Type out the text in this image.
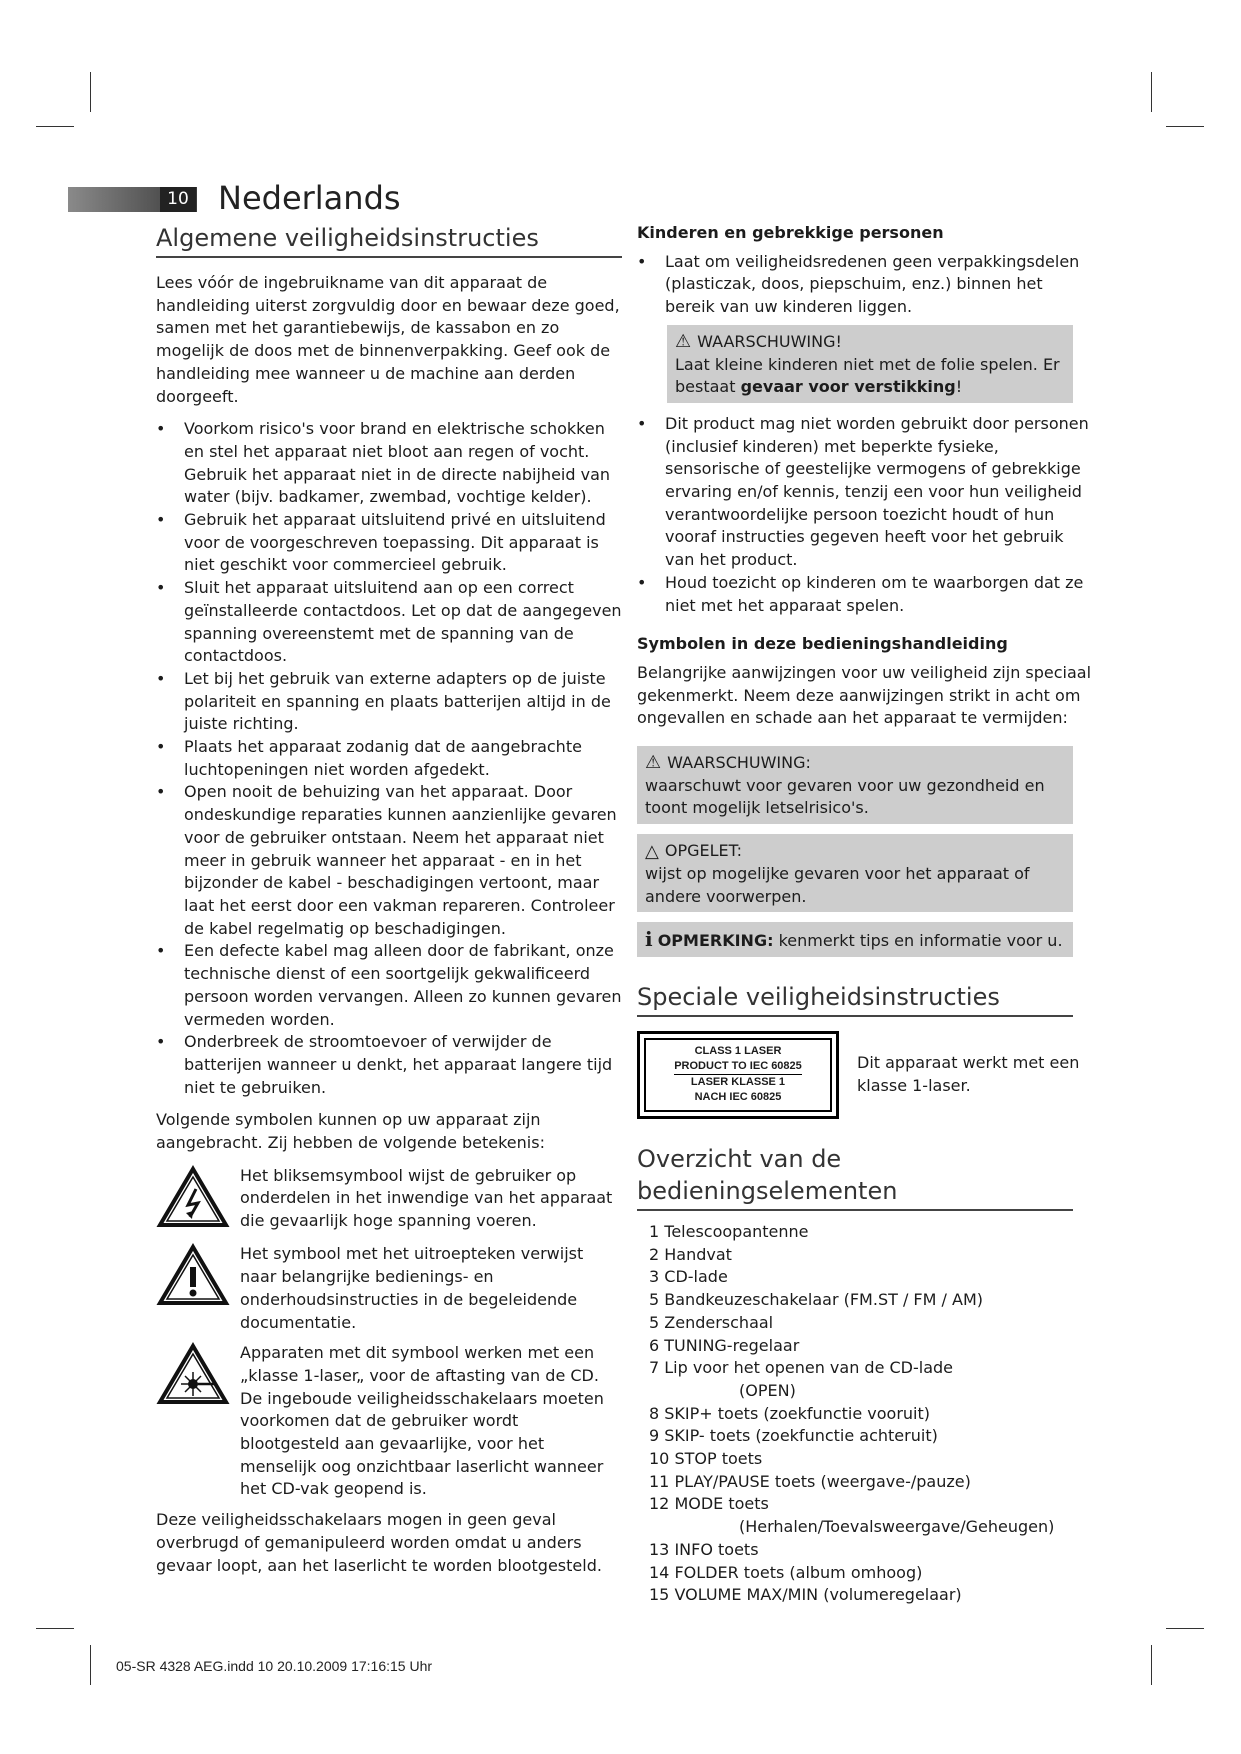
10 Nederlands
Algemene veiligheidsinstructies

Lees vóór de ingebruikname van dit apparaat de handleiding uiterst zorgvuldig door en bewaar deze goed, samen met het garantiebewijs, de kassabon en zo mogelijk de doos met de binnenverpakking. Geef ook de handleiding mee wanneer u de machine aan derden doorgeeft.

• Voorkom risico's voor brand en elektrische schokken en stel het apparaat niet bloot aan regen of vocht. Gebruik het apparaat niet in de directe nabijheid van water (bijv. badkamer, zwembad, vochtige kelder).
• Gebruik het apparaat uitsluitend privé en uitsluitend voor de voorgeschreven toepassing. Dit apparaat is niet geschikt voor commercieel gebruik.
• Sluit het apparaat uitsluitend aan op een correct geïnstalleerde contactdoos. Let op dat de aangegeven spanning overeenstemt met de spanning van de contactdoos.
• Let bij het gebruik van externe adapters op de juiste polariteit en spanning en plaats batterijen altijd in de juiste richting.
• Plaats het apparaat zodanig dat de aangebrachte luchtopeningen niet worden afgedekt.
• Open nooit de behuizing van het apparaat. Door ondeskundige reparaties kunnen aanzienlijke gevaren voor de gebruiker ontstaan. Neem het apparaat niet meer in gebruik wanneer het apparaat - en in het bijzonder de kabel - beschadigingen vertoont, maar laat het eerst door een vakman repareren. Controleer de kabel regelmatig op beschadigingen.
• Een defecte kabel mag alleen door de fabrikant, onze technische dienst of een soortgelijk gekwalificeerd persoon worden vervangen. Alleen zo kunnen gevaren vermeden worden.
• Onderbreek de stroomtoevoer of verwijder de batterijen wanneer u denkt, het apparaat langere tijd niet te gebruiken.

Volgende symbolen kunnen op uw apparaat zijn aangebracht. Zij hebben de volgende betekenis:

Het bliksemsymbool wijst de gebruiker op onderdelen in het inwendige van het apparaat die gevaarlijk hoge spanning voeren.
Het symbool met het uitroepteken verwijst naar belangrijke bedienings- en onderhoudsinstructies in de begeleidende documentatie.
Apparaten met dit symbool werken met een „klasse 1-laser„ voor de aftasting van de CD. De ingeboude veiligheidsschakelaars moeten voorkomen dat de gebruiker wordt blootgesteld aan gevaarlijke, voor het menselijk oog onzichtbaar laserlicht wanneer het CD-vak geopend is.

Deze veiligheidsschakelaars mogen in geen geval overbrugd of gemanipuleerd worden omdat u anders gevaar loopt, aan het laserlicht te worden blootgesteld.

Kinderen en gebrekkige personen
• Laat om veiligheidsredenen geen verpakkingsdelen (plasticzak, doos, piepschuim, enz.) binnen het bereik van uw kinderen liggen.
⚠ WAARSCHUWING!
Laat kleine kinderen niet met de folie spelen. Er bestaat gevaar voor verstikking!
• Dit product mag niet worden gebruikt door personen (inclusief kinderen) met beperkte fysieke, sensorische of geestelijke vermogens of gebrekkige ervaring en/of kennis, tenzij een voor hun veiligheid verantwoordelijke persoon toezicht houdt of hun vooraf instructies gegeven heeft voor het gebruik van het product.
• Houd toezicht op kinderen om te waarborgen dat ze niet met het apparaat spelen.
Symbolen in deze bedieningshandleiding

Belangrijke aanwijzingen voor uw veiligheid zijn speciaal gekenmerkt. Neem deze aanwijzingen strikt in acht om ongevallen en schade aan het apparaat te vermijden:

⚠ WAARSCHUWING:
waarschuwt voor gevaren voor uw gezondheid en toont mogelijk letselrisico's.
△ OPGELET:
wijst op mogelijke gevaren voor het apparaat of andere voorwerpen.
i OPMERKING: kenmerkt tips en informatie voor u.
Speciale veiligheidsinstructies
CLASS 1 LASER
PRODUCT TO IEC 60825
LASER KLASSE 1
NACH IEC 60825
Dit apparaat werkt met een klasse 1-laser.
Overzicht van de bedieningselementen
1 Telescoopantenne
2 Handvat
3 CD-lade
5 Bandkeuzeschakelaar (FM.ST / FM / AM)
5 Zenderschaal
6 TUNING-regelaar
7 Lip voor het openen van de CD-lade
(OPEN)
8 SKIP+ toets (zoekfunctie vooruit)
9 SKIP- toets (zoekfunctie achteruit)
10 STOP toets
11 PLAY/PAUSE toets (weergave-/pauze)
12 MODE toets
(Herhalen/Toevalsweergave/Geheugen)
13 INFO toets
14 FOLDER toets (album omhoog)
15 VOLUME MAX/MIN (volumeregelaar)
05-SR 4328 AEG.indd 10 20.10.2009 17:16:15 Uhr
